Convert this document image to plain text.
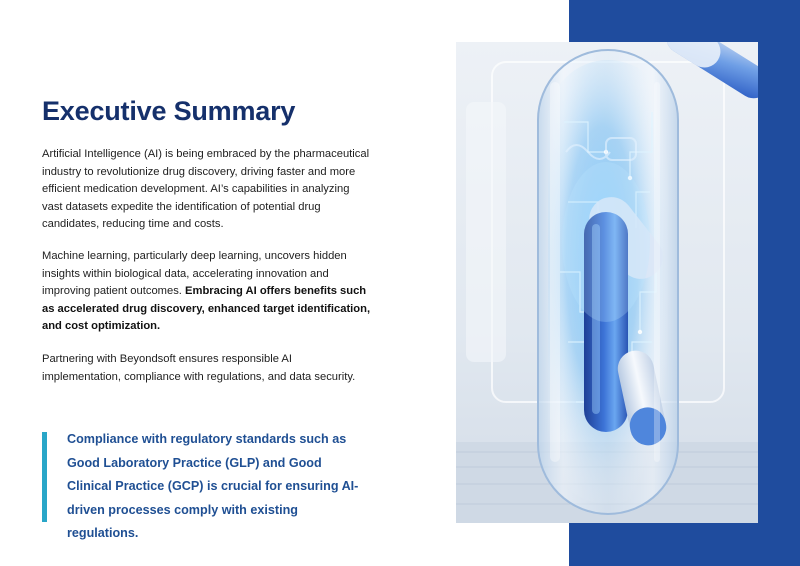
Executive Summary

Artificial Intelligence (AI) is being embraced by the pharmaceutical industry to revolutionize drug discovery, driving faster and more efficient medication development. AI’s capabilities in analyzing vast datasets expedite the identification of potential drug candidates, reducing time and costs.

Machine learning, particularly deep learning, uncovers hidden insights within biological data, accelerating innovation and improving patient outcomes. Embracing AI offers benefits such as accelerated drug discovery, enhanced target identification, and cost optimization.

Partnering with Beyondsoft ensures responsible AI implementation, compliance with regulations, and data security.

Compliance with regulatory standards such as Good Laboratory Practice (GLP) and Good Clinical Practice (GCP) is crucial for ensuring AI-driven processes comply with existing regulations.
